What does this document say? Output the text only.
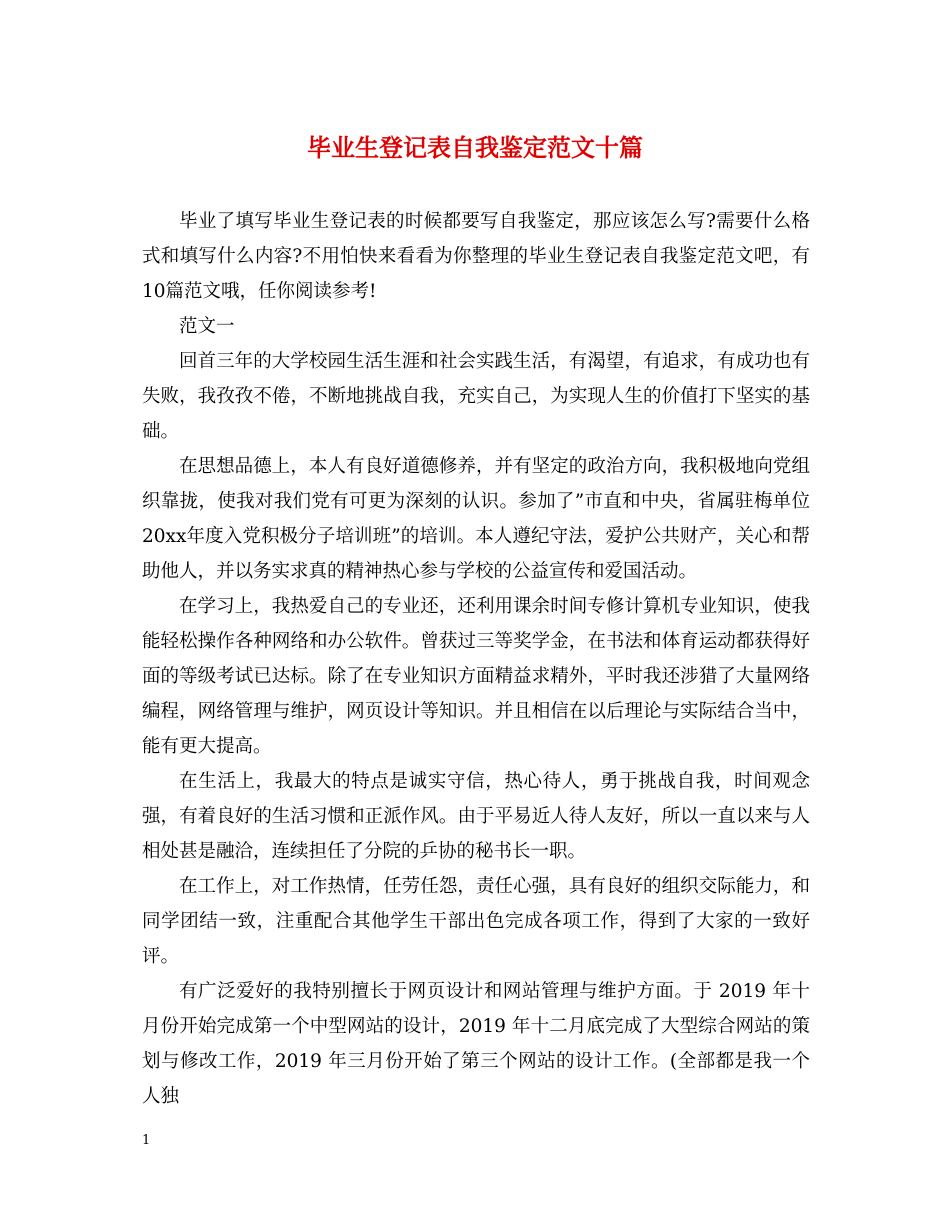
毕业生登记表自我鉴定范文十篇

毕业了填写毕业生登记表的时候都要写自我鉴定，那应该怎么写?需要什么格式和填写什么内容?不用怕快来看看为你整理的毕业生登记表自我鉴定范文吧，有10篇范文哦，任你阅读参考!

范文一

回首三年的大学校园生活生涯和社会实践生活，有渴望，有追求，有成功也有失败，我孜孜不倦，不断地挑战自我，充实自己，为实现人生的价值打下坚实的基础。

在思想品德上，本人有良好道德修养，并有坚定的政治方向，我积极地向党组织靠拢，使我对我们党有可更为深刻的认识。参加了”市直和中央，省属驻梅单位20xx年度入党积极分子培训班”的培训。本人遵纪守法，爱护公共财产，关心和帮助他人，并以务实求真的精神热心参与学校的公益宣传和爱国活动。

在学习上，我热爱自己的专业还，还利用课余时间专修计算机专业知识，使我能轻松操作各种网络和办公软件。曾获过三等奖学金，在书法和体育运动都获得好 面的等级考试已达标。除了在专业知识方面精益求精外，平时我还涉猎了大量网络编程，网络管理与维护，网页设计等知识。并且相信在以后理论与实际结合当中，能有更大提高。

在生活上，我最大的特点是诚实守信，热心待人，勇于挑战自我，时间观念强，有着良好的生活习惯和正派作风。由于平易近人待人友好，所以一直以来与人相处甚是融洽，连续担任了分院的乒协的秘书长一职。

在工作上，对工作热情，任劳任怨，责任心强，具有良好的组织交际能力，和同学团结一致，注重配合其他学生干部出色完成各项工作，得到了大家的一致好评。

有广泛爱好的我特别擅长于网页设计和网站管理与维护方面。于 2019 年十月份开始完成第一个中型网站的设计，2019 年十二月底完成了大型综合网站的策划与修改工作，2019 年三月份开始了第三个网站的设计工作。(全部都是我一个人独

1
